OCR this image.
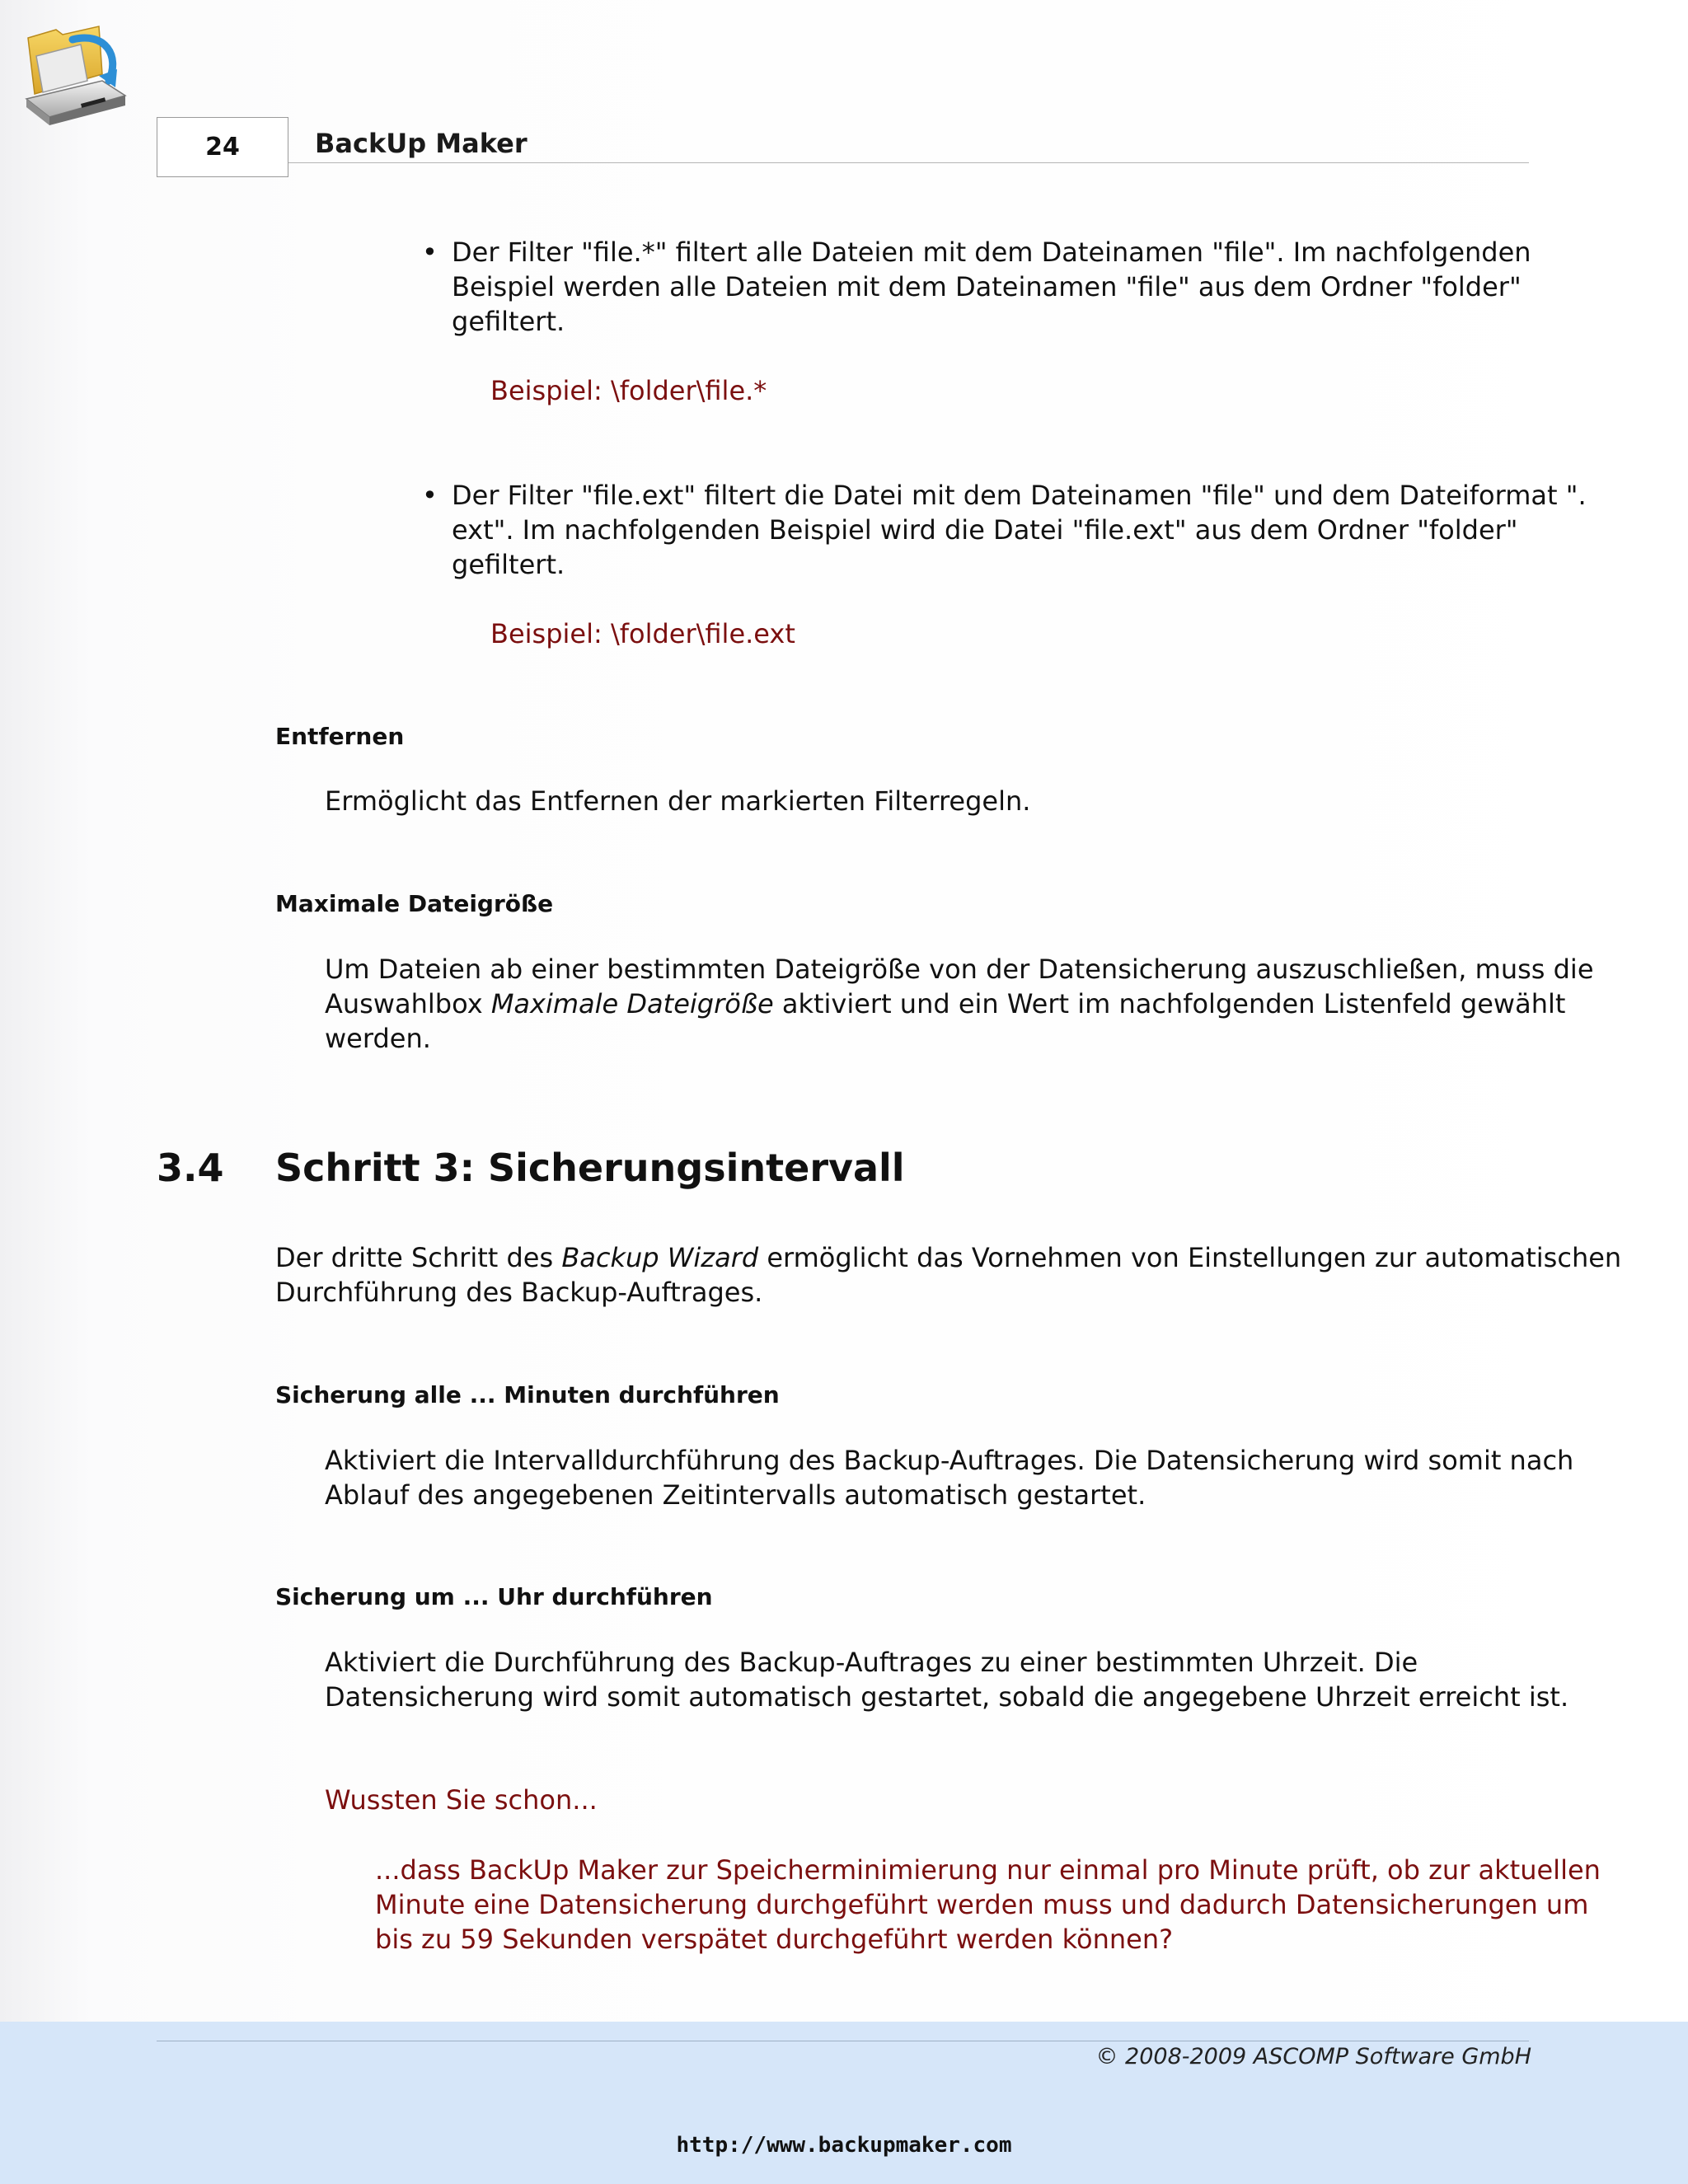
24	BackUp Maker
• Der Filter "file.*" filtert alle Dateien mit dem Dateinamen "file". Im nachfolgenden
Beispiel werden alle Dateien mit dem Dateinamen "file" aus dem Ordner "folder"
gefiltert.
Beispiel: \folder\file.*
• Der Filter "file.ext" filtert die Datei mit dem Dateinamen "file" und dem Dateiformat ".
ext". Im nachfolgenden Beispiel wird die Datei "file.ext" aus dem Ordner "folder"
gefiltert.
Beispiel: \folder\file.ext
Entfernen
Ermöglicht das Entfernen der markierten Filterregeln.
Maximale Dateigröße
Um Dateien ab einer bestimmten Dateigröße von der Datensicherung auszuschließen, muss die
Auswahlbox Maximale Dateigröße aktiviert und ein Wert im nachfolgenden Listenfeld gewählt
werden.
3.4 Schritt 3: Sicherungsintervall
Der dritte Schritt des Backup Wizard ermöglicht das Vornehmen von Einstellungen zur automatischen
Durchführung des Backup-Auftrages.
Sicherung alle ... Minuten durchführen
Aktiviert die Intervalldurchführung des Backup-Auftrages. Die Datensicherung wird somit nach
Ablauf des angegebenen Zeitintervalls automatisch gestartet.
Sicherung um ... Uhr durchführen
Aktiviert die Durchführung des Backup-Auftrages zu einer bestimmten Uhrzeit. Die
Datensicherung wird somit automatisch gestartet, sobald die angegebene Uhrzeit erreicht ist.
Wussten Sie schon...
...dass BackUp Maker zur Speicherminimierung nur einmal pro Minute prüft, ob zur aktuellen
Minute eine Datensicherung durchgeführt werden muss und dadurch Datensicherungen um
bis zu 59 Sekunden verspätet durchgeführt werden können?
© 2008-2009 ASCOMP Software GmbH
http://www.backupmaker.com
